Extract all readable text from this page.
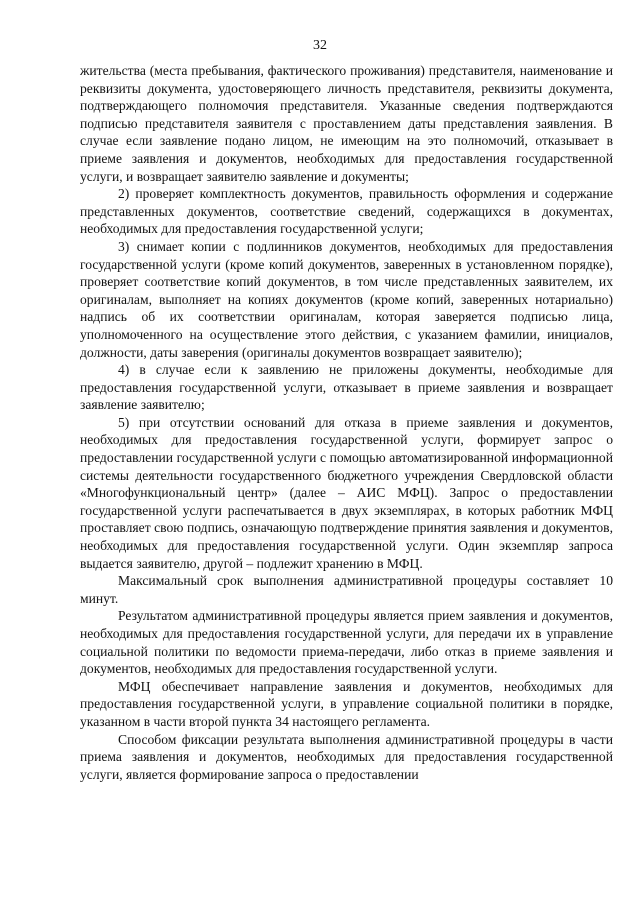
32

жительства (места пребывания, фактического проживания) представителя, наименование и реквизиты документа, удостоверяющего личность представителя, реквизиты документа, подтверждающего полномочия представителя. Указанные сведения подтверждаются подписью представителя заявителя с проставлением даты представления заявления. В случае если заявление подано лицом, не имеющим на это полномочий, отказывает в приеме заявления и документов, необходимых для предоставления государственной услуги, и возвращает заявителю заявление и документы;

2) проверяет комплектность документов, правильность оформления и содержание представленных документов, соответствие сведений, содержащихся в документах, необходимых для предоставления государственной услуги;

3) снимает копии с подлинников документов, необходимых для предоставления государственной услуги (кроме копий документов, заверенных в установленном порядке), проверяет соответствие копий документов, в том числе представленных заявителем, их оригиналам, выполняет на копиях документов (кроме копий, заверенных нотариально) надпись об их соответствии оригиналам, которая заверяется подписью лица, уполномоченного на осуществление этого действия, с указанием фамилии, инициалов, должности, даты заверения (оригиналы документов возвращает заявителю);

4) в случае если к заявлению не приложены документы, необходимые для предоставления государственной услуги, отказывает в приеме заявления и возвращает заявление заявителю;

5) при отсутствии оснований для отказа в приеме заявления и документов, необходимых для предоставления государственной услуги, формирует запрос о предоставлении государственной услуги с помощью автоматизированной информационной системы деятельности государственного бюджетного учреждения Свердловской области «Многофункциональный центр» (далее – АИС МФЦ). Запрос о предоставлении государственной услуги распечатывается в двух экземплярах, в которых работник МФЦ проставляет свою подпись, означающую подтверждение принятия заявления и документов, необходимых для предоставления государственной услуги. Один экземпляр запроса выдается заявителю, другой – подлежит хранению в МФЦ.

Максимальный срок выполнения административной процедуры составляет 10 минут.

Результатом административной процедуры является прием заявления и документов, необходимых для предоставления государственной услуги, для передачи их в управление социальной политики по ведомости приема-передачи, либо отказ в приеме заявления и документов, необходимых для предоставления государственной услуги.

МФЦ обеспечивает направление заявления и документов, необходимых для предоставления государственной услуги, в управление социальной политики в порядке, указанном в части второй пункта 34 настоящего регламента.

Способом фиксации результата выполнения административной процедуры в части приема заявления и документов, необходимых для предоставления государственной услуги, является формирование запроса о предоставлении
